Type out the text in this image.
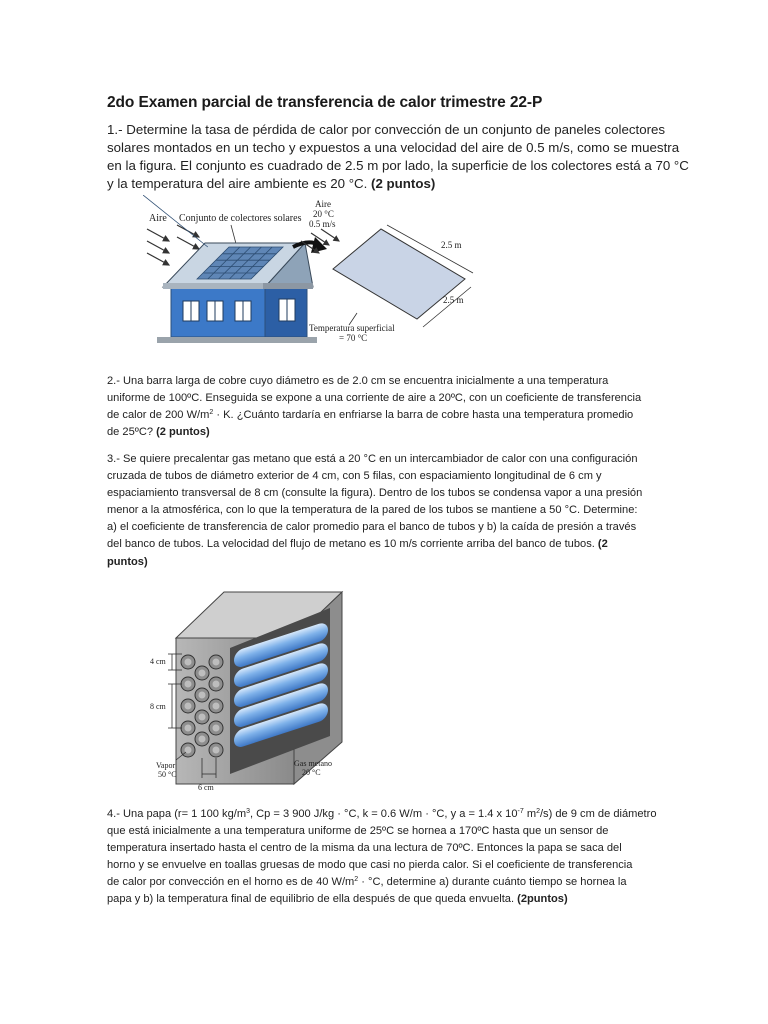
2do Examen parcial de transferencia de calor trimestre 22-P
1.- Determine la tasa de pérdida de calor por convección de un conjunto de paneles colectores
solares montados en un techo y expuestos a una velocidad del aire de 0.5 m/s, como se muestra
en la figura. El conjunto es cuadrado de 2.5 m por lado, la superficie de los colectores está a 70 °C
y la temperatura del aire ambiente es 20 °C. (2 puntos)
Aire Conjunto de colectores solares
Aire
20 °C
0.5 m/s
2.5 m
2.5 m
Temperatura superficial
= 70 °C
2.- Una barra larga de cobre cuyo diámetro es de 2.0 cm se encuentra inicialmente a una temperatura
uniforme de 100ºC. Enseguida se expone a una corriente de aire a 20ºC, con un coeficiente de transferencia
de calor de 200 $W/m^2 \cdot K$. ¿Cuánto tardaría en enfriarse la barra de cobre hasta una temperatura promedio
de 25ºC? (2 puntos)
3.- Se quiere precalentar gas metano que está a 20 °C en un intercambiador de calor con una configuración
cruzada de tubos de diámetro exterior de 4 cm, con 5 filas, con espaciamiento longitudinal de 6 cm y
espaciamiento transversal de 8 cm (consulte la figura). Dentro de los tubos se condensa vapor a una presión
menor a la atmosférica, con lo que la temperatura de la pared de los tubos se mantiene a 50 °C. Determine:
a) el coeficiente de transferencia de calor promedio para el banco de tubos y b) la caída de presión a través
del banco de tubos. La velocidad del flujo de metano es 10 m/s corriente arriba del banco de tubos. (2
puntos)
4 cm
8 cm
6 cm
Vapor
50 °C
Gas metano
20 °C
4.- Una papa (r= 1 100 $kg/m^3$, Cp = 3 900 J/kg · °C, k = 0.6 W/m · °C, y a = 1.4 x $10^{-7}$ $m^2/s$) de 9 cm de diámetro
que está inicialmente a una temperatura uniforme de 25ºC se hornea a 170ºC hasta que un sensor de
temperatura insertado hasta el centro de la misma da una lectura de 70ºC. Entonces la papa se saca del
horno y se envuelve en toallas gruesas de modo que casi no pierda calor. Si el coeficiente de transferencia
de calor por convección en el horno es de 40 $W/m^2 \cdot ^\circ C$, determine a) durante cuánto tiempo se hornea la
papa y b) la temperatura final de equilibrio de ella después de que queda envuelta. (2puntos)
